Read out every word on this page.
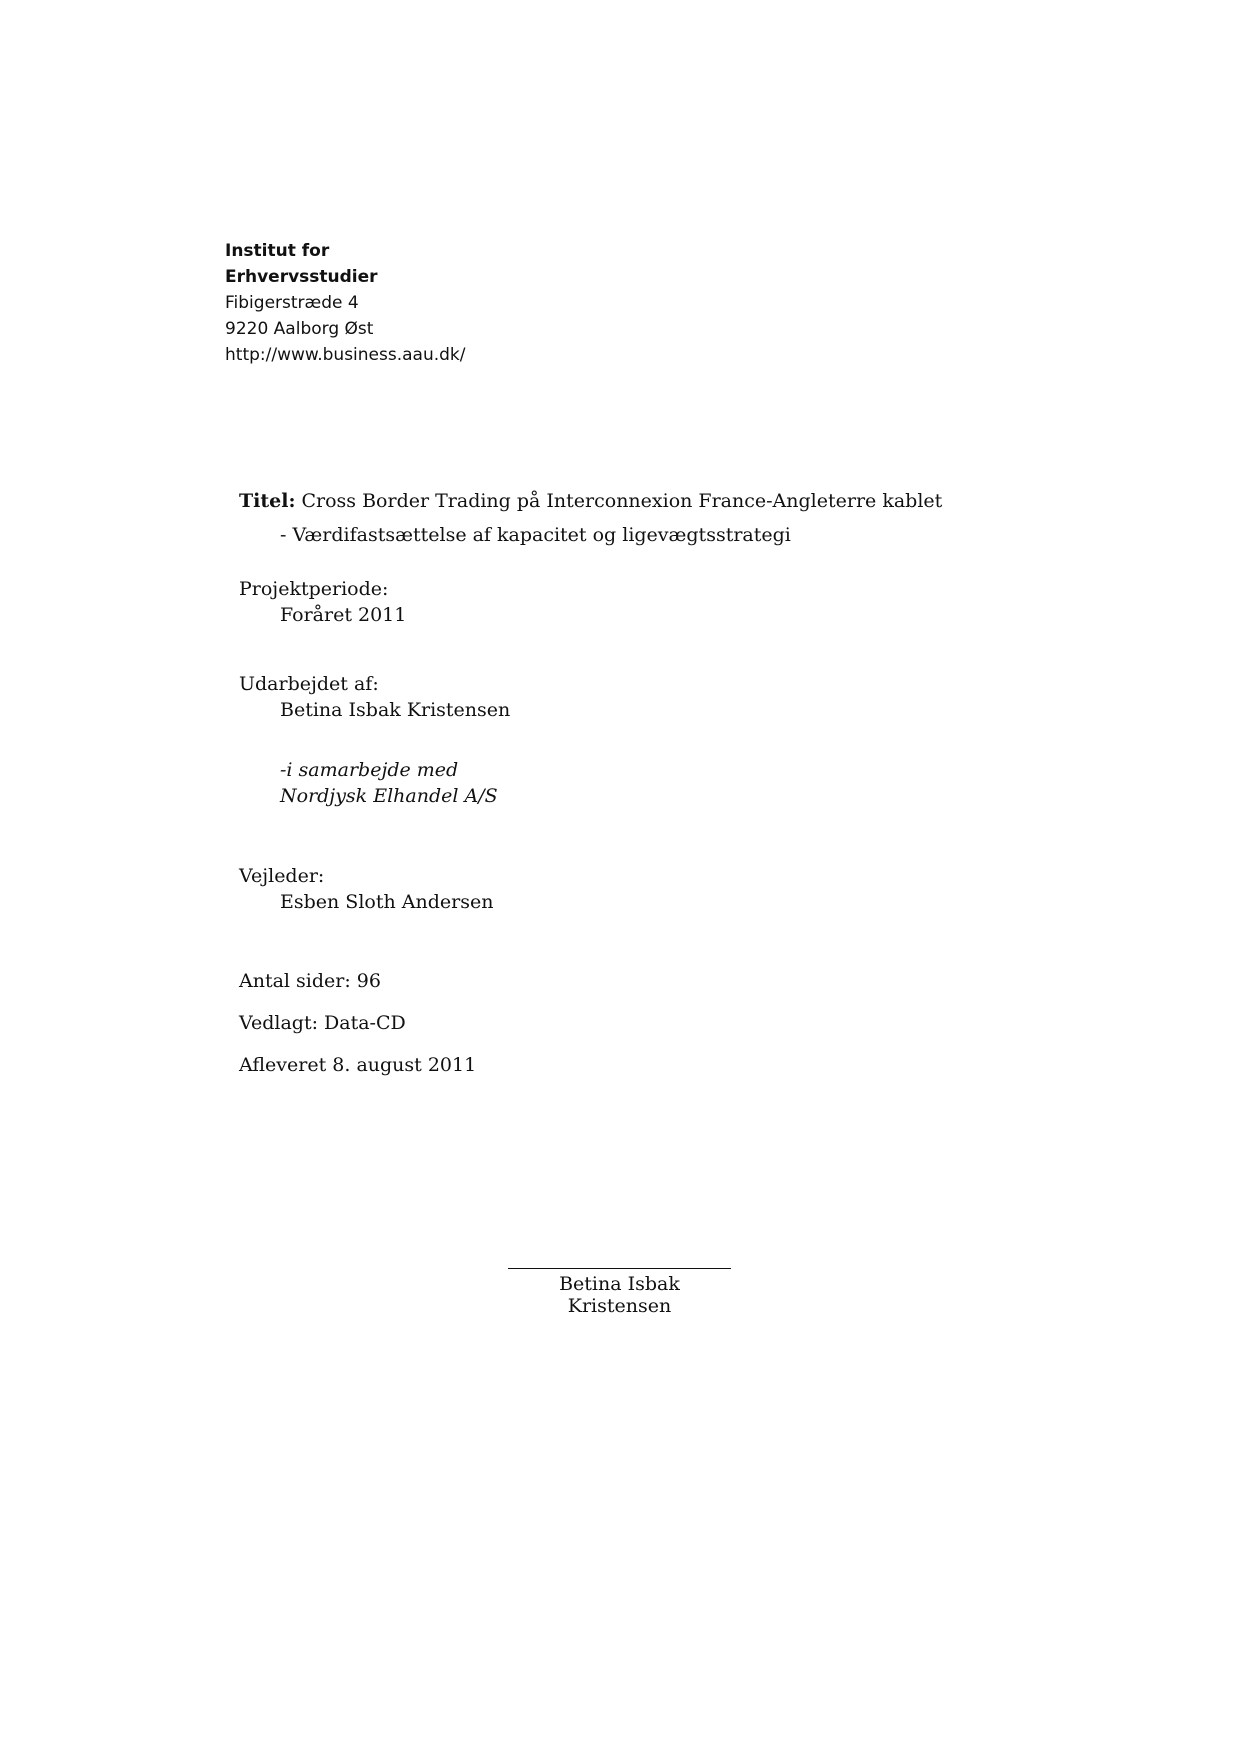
Institut for
Erhvervsstudier
Fibigerstræde 4
9220 Aalborg Øst
http://www.business.aau.dk/
Titel: Cross Border Trading på Interconnexion France-Angleterre kablet
- Værdifastsættelse af kapacitet og ligevægtsstrategi
Projektperiode:
Foråret 2011
Udarbejdet af:
Betina Isbak Kristensen
-i samarbejde med
Nordjysk Elhandel A/S
Vejleder:
Esben Sloth Andersen
Antal sider: 96
Vedlagt: Data-CD
Afleveret 8. august 2011
Betina Isbak Kristensen
